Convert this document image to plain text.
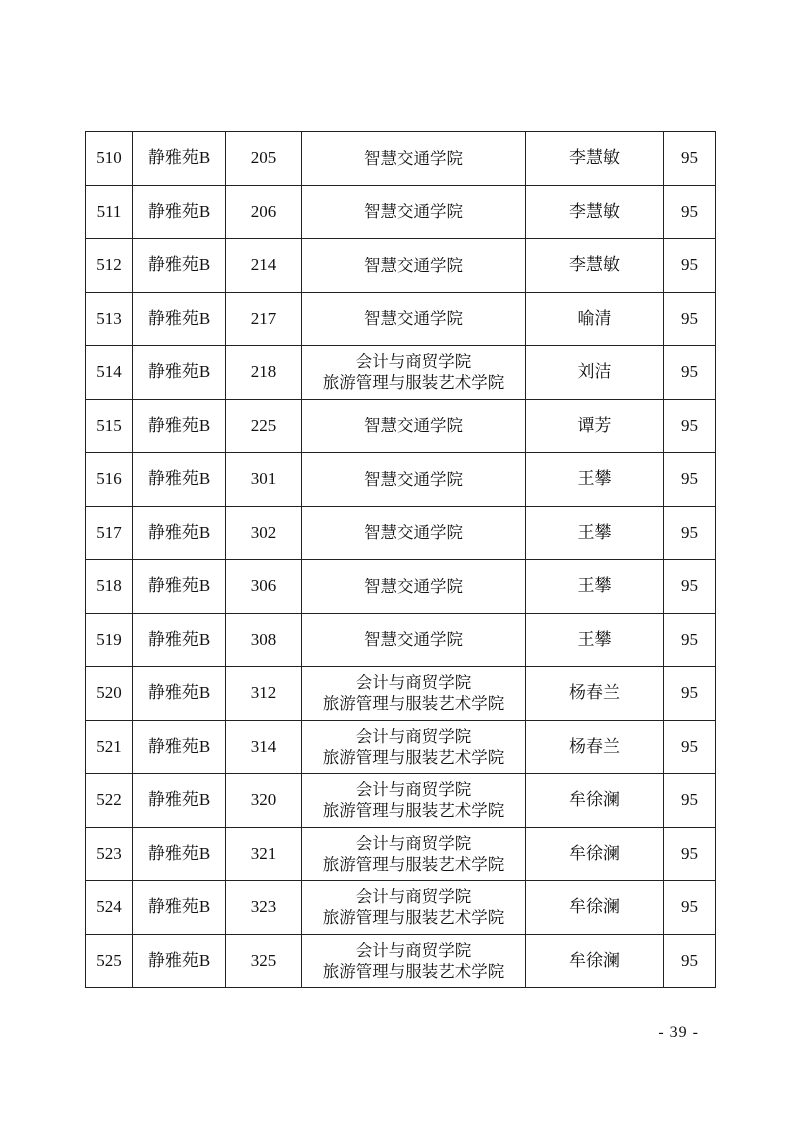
510	静雅苑B	205	智慧交通学院	李慧敏	95
511	静雅苑B	206	智慧交通学院	李慧敏	95
512	静雅苑B	214	智慧交通学院	李慧敏	95
513	静雅苑B	217	智慧交通学院	喻清	95
514	静雅苑B	218	会计与商贸学院
旅游管理与服装艺术学院	刘洁	95
515	静雅苑B	225	智慧交通学院	谭芳	95
516	静雅苑B	301	智慧交通学院	王攀	95
517	静雅苑B	302	智慧交通学院	王攀	95
518	静雅苑B	306	智慧交通学院	王攀	95
519	静雅苑B	308	智慧交通学院	王攀	95
520	静雅苑B	312	会计与商贸学院
旅游管理与服装艺术学院	杨春兰	95
521	静雅苑B	314	会计与商贸学院
旅游管理与服装艺术学院	杨春兰	95
522	静雅苑B	320	会计与商贸学院
旅游管理与服装艺术学院	牟徐澜	95
523	静雅苑B	321	会计与商贸学院
旅游管理与服装艺术学院	牟徐澜	95
524	静雅苑B	323	会计与商贸学院
旅游管理与服装艺术学院	牟徐澜	95
525	静雅苑B	325	会计与商贸学院
旅游管理与服装艺术学院	牟徐澜	95
- 39 -
